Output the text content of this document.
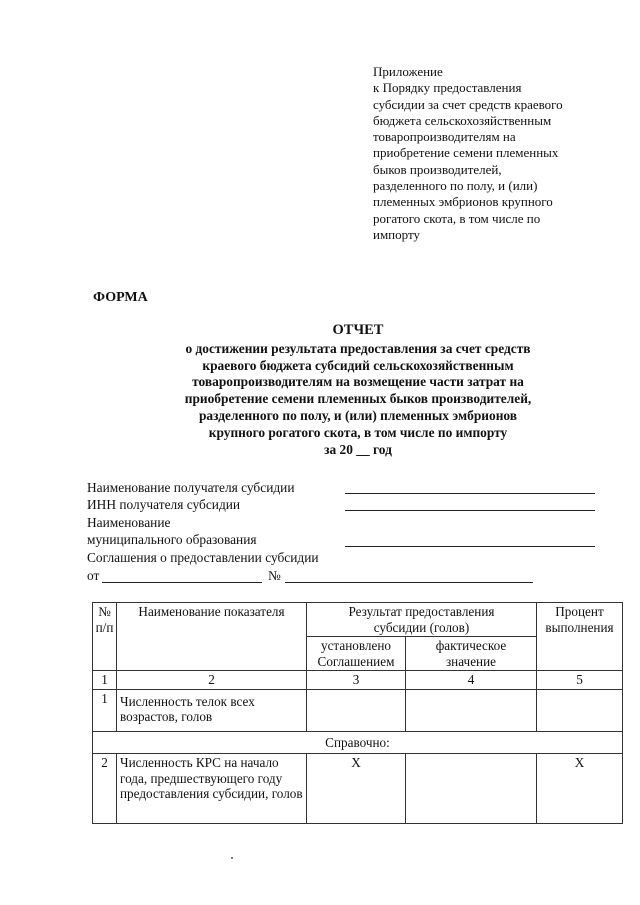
Приложение
к Порядку предоставления
субсидии за счет средств краевого
бюджета сельскохозяйственным
товаропроизводителям на
приобретение семени племенных
быков производителей,
разделенного по полу, и (или)
племенных эмбрионов крупного
рогатого скота, в том числе по
импорту
ФОРМА
ОТЧЕТ
о достижении результата предоставления за счет средств
краевого бюджета субсидий сельскохозяйственным
товаропроизводителям на возмещение части затрат на
приобретение семени племенных быков производителей,
разделенного по полу, и (или) племенных эмбрионов
крупного рогатого скота, в том числе по импорту
за 20 __ год
Наименование получателя субсидии
ИНН получателя субсидии
Наименование
муниципального образования
Соглашения о предоставлении субсидии
от	№
№ п/п	Наименование показателя	Результат предоставления субсидии (голов)		Процент выполнения
		установлено Соглашением	фактическое значение	
1	2	3	4	5
1	Численность телок всех возрастов, голов			
Справочно:				
2	Численность КРС на начало года, предшествующего году предоставления субсидии, голов	X		X
